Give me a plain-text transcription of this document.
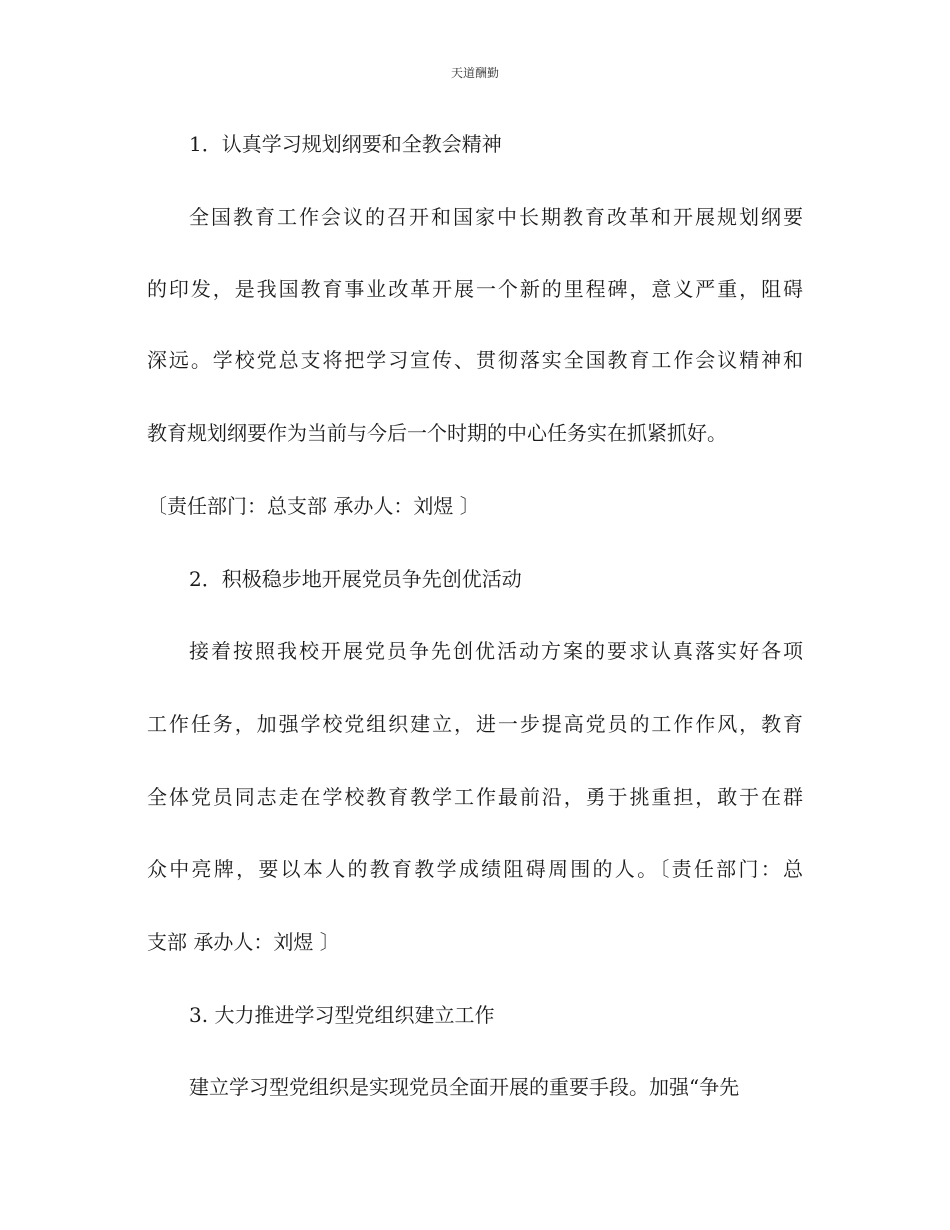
天道酬勤
1．认真学习规划纲要和全教会精神
全国教育工作会议的召开和国家中长期教育改革和开展规划纲要
的印发，是我国教育事业改革开展一个新的里程碑，意义严重，阻碍
深远。学校党总支将把学习宣传、贯彻落实全国教育工作会议精神和
教育规划纲要作为当前与今后一个时期的中心任务实在抓紧抓好。
〔责任部门：总支部 承办人：刘煜 〕
2．积极稳步地开展党员争先创优活动
接着按照我校开展党员争先创优活动方案的要求认真落实好各项
工作任务，加强学校党组织建立，进一步提高党员的工作作风，教育
全体党员同志走在学校教育教学工作最前沿，勇于挑重担，敢于在群
众中亮牌，要以本人的教育教学成绩阻碍周围的人。〔责任部门：总
支部 承办人：刘煜 〕
3. 大力推进学习型党组织建立工作
建立学习型党组织是实现党员全面开展的重要手段。加强“争先
